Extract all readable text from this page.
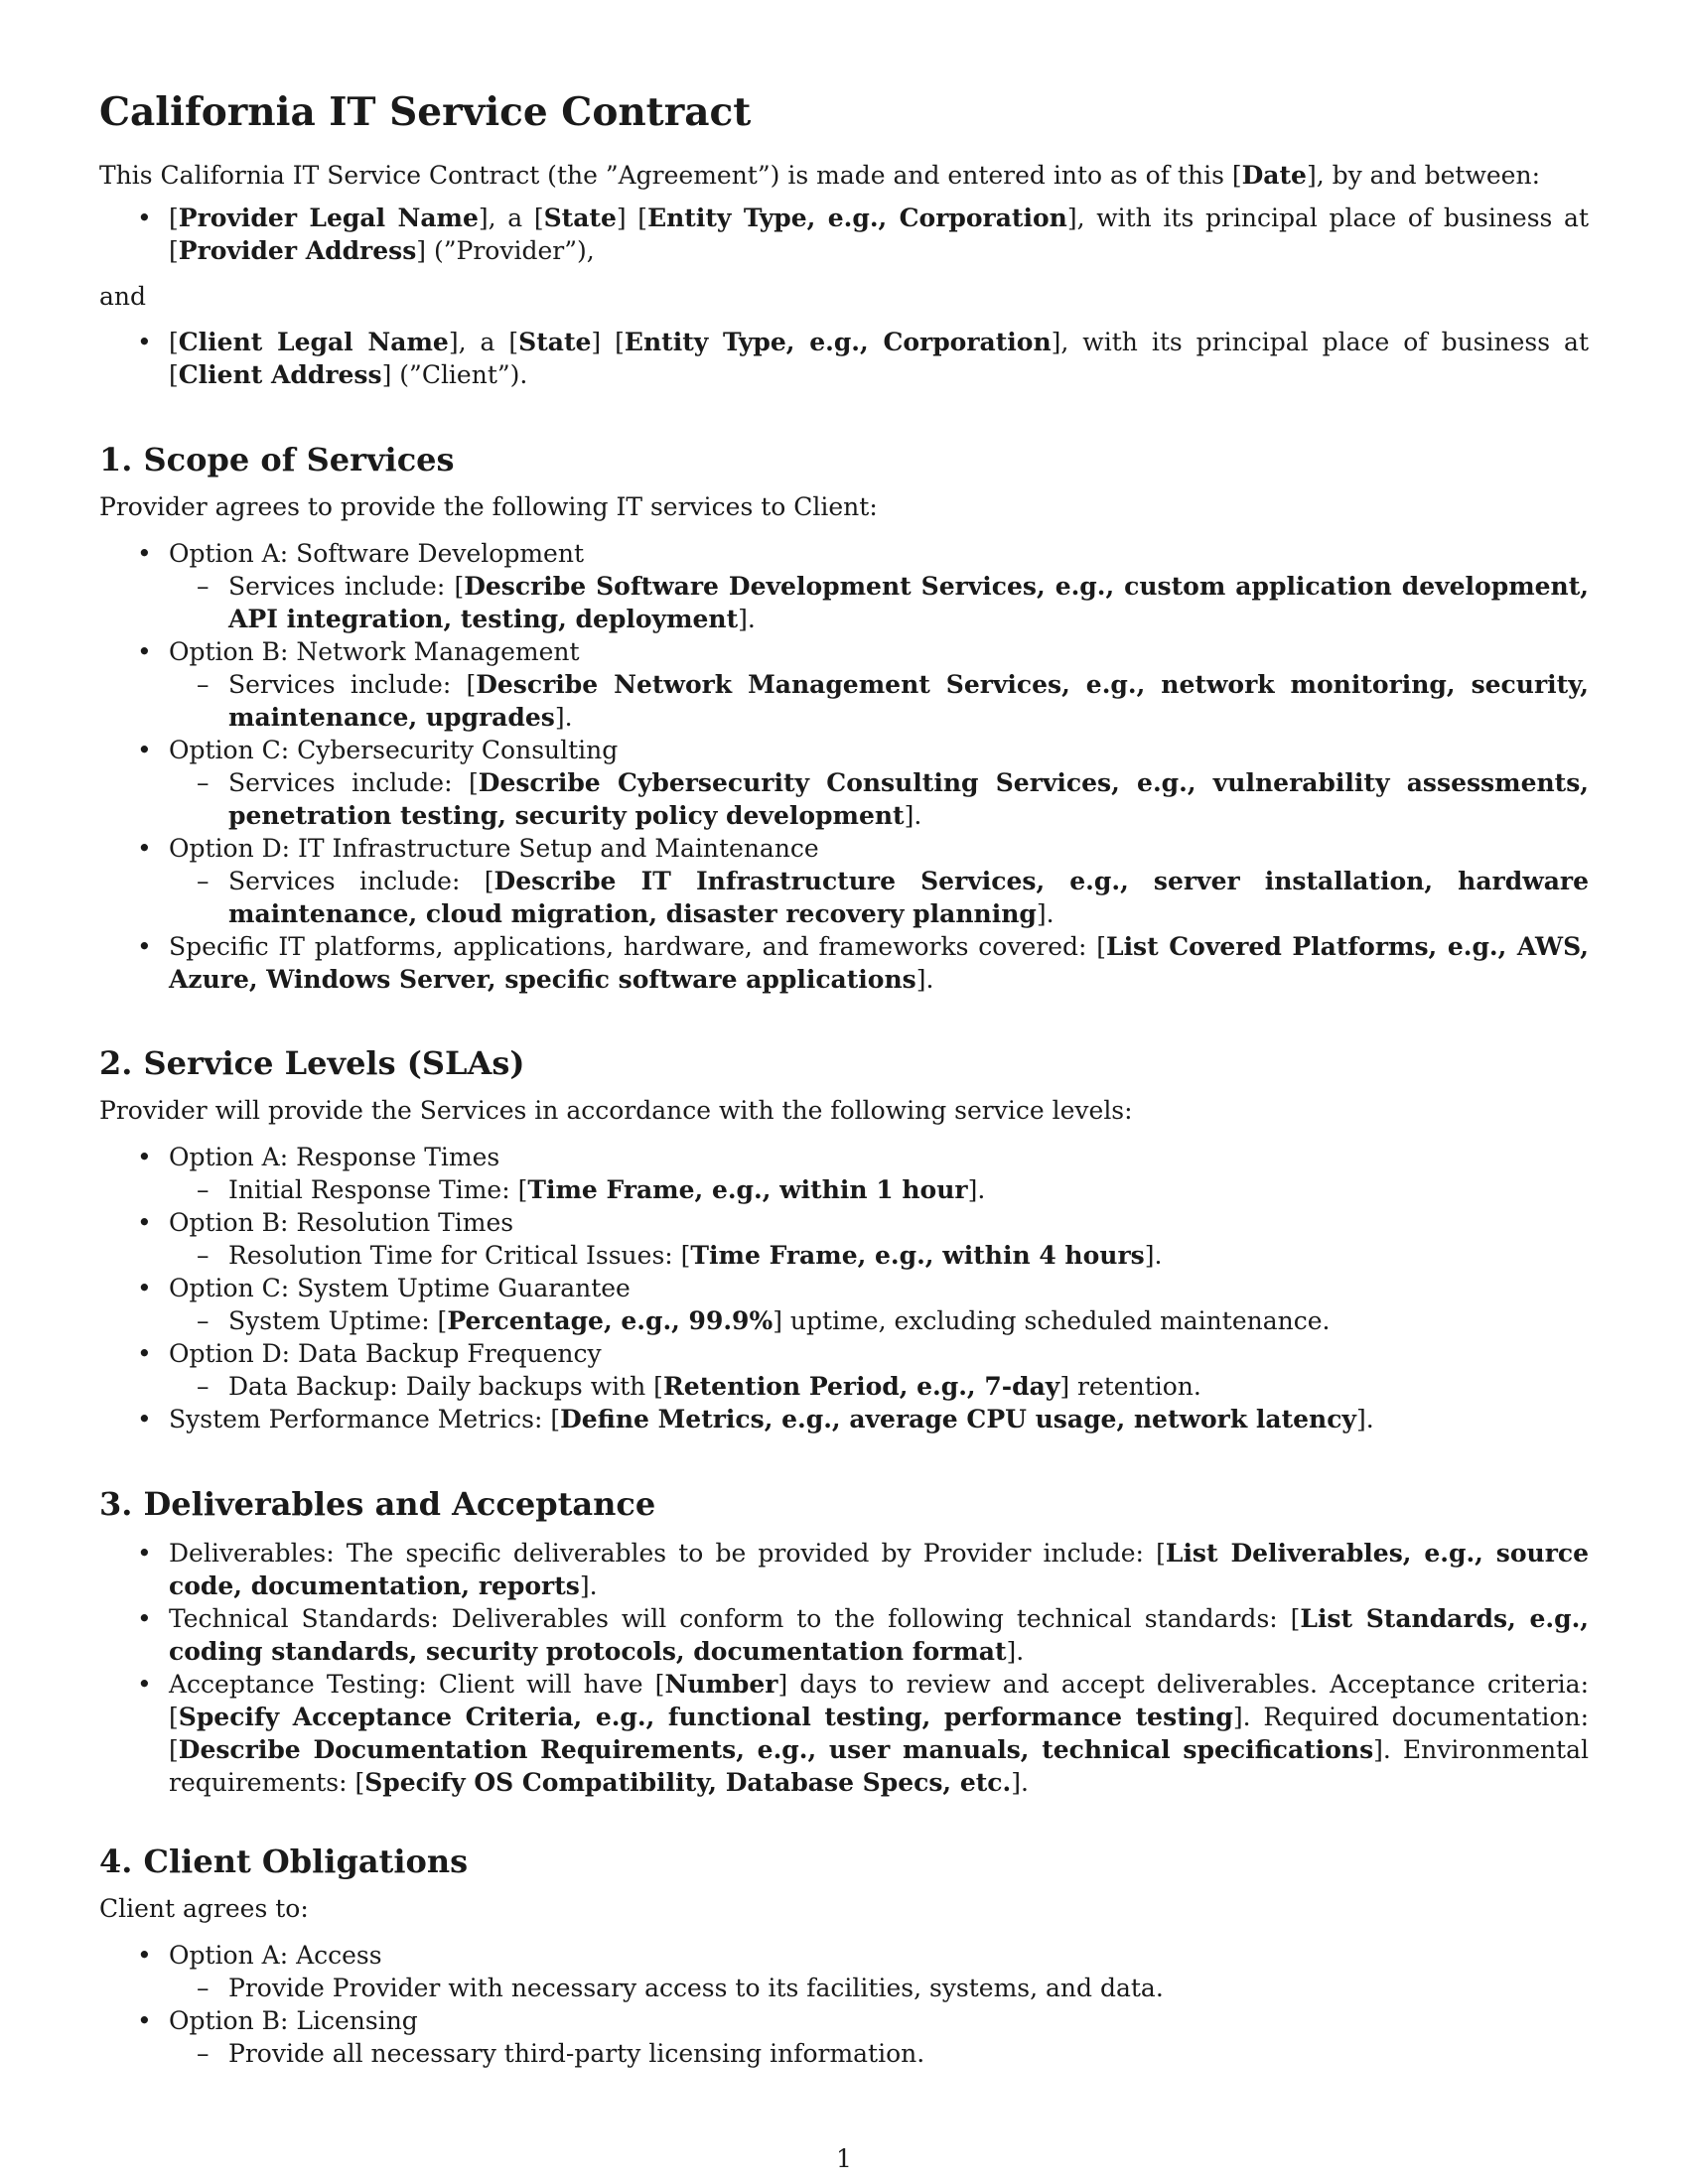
California IT Service Contract
This California IT Service Contract (the ”Agreement”) is made and entered into as of this [Date], by and between:
• [Provider Legal Name], a [State] [Entity Type, e.g., Corporation], with its principal place of business at [Provider Address] (”Provider”),
and
• [Client Legal Name], a [State] [Entity Type, e.g., Corporation], with its principal place of business at [Client Address] (”Client”).
1. Scope of Services
Provider agrees to provide the following IT services to Client:
• Option A: Software Development
– Services include: [Describe Software Development Services, e.g., custom application development, API integration, testing, deployment].
• Option B: Network Management
– Services include: [Describe Network Management Services, e.g., network monitoring, security, maintenance, upgrades].
• Option C: Cybersecurity Consulting
– Services include: [Describe Cybersecurity Consulting Services, e.g., vulnerability assessments, penetration testing, security policy development].
• Option D: IT Infrastructure Setup and Maintenance
– Services include: [Describe IT Infrastructure Services, e.g., server installation, hardware maintenance, cloud migration, disaster recovery planning].
• Specific IT platforms, applications, hardware, and frameworks covered: [List Covered Platforms, e.g., AWS, Azure, Windows Server, specific software applications].
2. Service Levels (SLAs)
Provider will provide the Services in accordance with the following service levels:
• Option A: Response Times
– Initial Response Time: [Time Frame, e.g., within 1 hour].
• Option B: Resolution Times
– Resolution Time for Critical Issues: [Time Frame, e.g., within 4 hours].
• Option C: System Uptime Guarantee
– System Uptime: [Percentage, e.g., 99.9%] uptime, excluding scheduled maintenance.
• Option D: Data Backup Frequency
– Data Backup: Daily backups with [Retention Period, e.g., 7-day] retention.
• System Performance Metrics: [Define Metrics, e.g., average CPU usage, network latency].
3. Deliverables and Acceptance
• Deliverables: The specific deliverables to be provided by Provider include: [List Deliverables, e.g., source code, documentation, reports].
• Technical Standards: Deliverables will conform to the following technical standards: [List Standards, e.g., coding standards, security protocols, documentation format].
• Acceptance Testing: Client will have [Number] days to review and accept deliverables. Acceptance criteria: [Specify Acceptance Criteria, e.g., functional testing, performance testing]. Required documentation: [Describe Documentation Requirements, e.g., user manuals, technical specifications]. Environmental requirements: [Specify OS Compatibility, Database Specs, etc.].
4. Client Obligations
Client agrees to:
• Option A: Access
– Provide Provider with necessary access to its facilities, systems, and data.
• Option B: Licensing
– Provide all necessary third-party licensing information.
1
